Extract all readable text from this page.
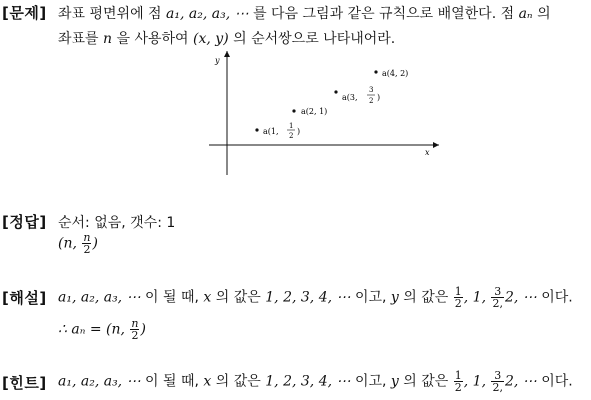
[문제] 좌표 평면위에 점 a₁, a₂, a₃, ⋯ 를 다음 그림과 같은 규칙으로 배열한다. 점 aₙ 의
좌표를 n 을 사용하여 (x, y) 의 순서쌍으로 나타내어라.
y
x
a(1,
1
2 )
a(2, 1)
a(3,
3
2 )
a(4, 2)
[정답] 순서: 없음, 갯수: 1
(n, $\frac{n}{2}$ )
[해설] a₁, a₂, a₃, ⋯ 이 될 때, x 의 값은 1, 2, 3, 4, ⋯ 이고, y 의 값은 $\frac{1}{2}$ , 1, $\frac{3}{2,} 2$, ⋯ 이다.
∴ aₙ = (n, $\frac{n}{2}$ )
[힌트] a₁, a₂, a₃, ⋯ 이 될 때, x 의 값은 1, 2, 3, 4, ⋯ 이고, y 의 값은 $\frac{1}{2}$ , 1, $\frac{3}{2,} 2$, ⋯ 이다.
